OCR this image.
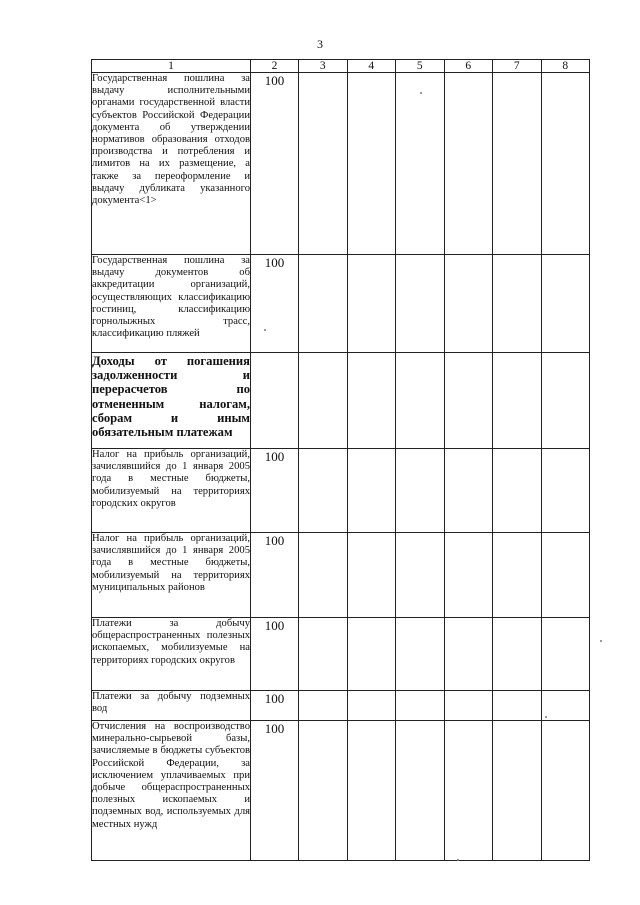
3
1	2	3	4	5	6	7	8
Государственная пошлина за выдачу исполнительными органами государственной власти субъектов Российской Федерации документа об утверждении нормативов образования отходов производства и потребления и лимитов на их размещение, а также за переоформление и выдачу дубликата указанного документа<1>	100						
Государственная пошлина за выдачу документов об аккредитации организаций, осуществляющих классификацию гостиниц, классификацию горнолыжных трасс, классификацию пляжей	100						
Доходы от погашения задолженности и перерасчетов по отмененным налогам, сборам и иным обязательным платежам							
Налог на прибыль организаций, зачислявшийся до 1 января 2005 года в местные бюджеты, мобилизуемый на территориях городских округов	100						
Налог на прибыль организаций, зачислявшийся до 1 января 2005 года в местные бюджеты, мобилизуемый на территориях муниципальных районов	100						
Платежи за добычу общераспространенных полезных ископаемых, мобилизуемые на территориях городских округов	100						
Платежи за добычу подземных вод	100						
Отчисления на воспроизводство минерально-сырьевой базы, зачисляемые в бюджеты субъектов Российской Федерации, за исключением уплачиваемых при добыче общераспространенных полезных ископаемых и подземных вод, используемых для местных нужд	100						
